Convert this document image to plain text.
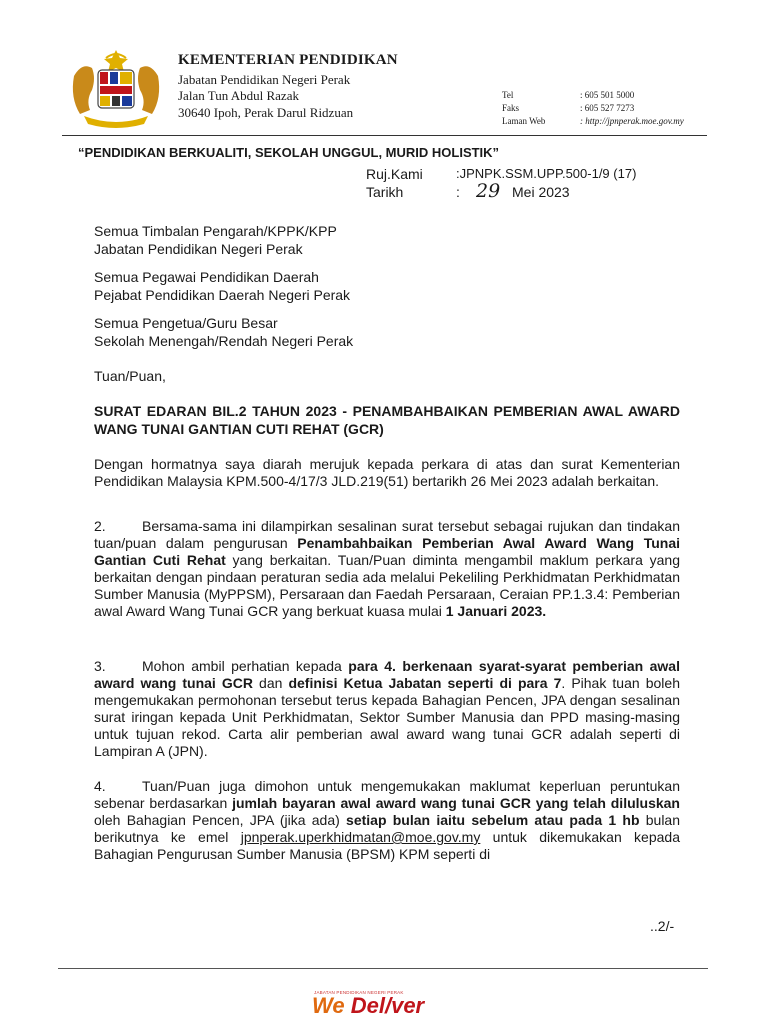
KEMENTERIAN PENDIDIKAN
Jabatan Pendidikan Negeri Perak
Jalan Tun Abdul Razak
30640 Ipoh, Perak Darul Ridzuan
Tel	: 605 501 5000
Faks	: 605 527 7273
Laman Web	: http://jpnperak.moe.gov.my
“PENDIDIKAN BERKUALITI, SEKOLAH UNGGUL, MURID HOLISTIK”
Ruj.Kami	:JPNPK.SSM.UPP.500-1/9 (17)
Tarikh	: 29 Mei 2023
Semua Timbalan Pengarah/KPPK/KPP
Jabatan Pendidikan Negeri Perak
Semua Pegawai Pendidikan Daerah
Pejabat Pendidikan Daerah Negeri Perak
Semua Pengetua/Guru Besar
Sekolah Menengah/Rendah Negeri Perak
Tuan/Puan,
SURAT EDARAN BIL.2 TAHUN 2023 - PENAMBAHBAIKAN PEMBERIAN AWAL AWARD WANG TUNAI GANTIAN CUTI REHAT (GCR)
Dengan hormatnya saya diarah merujuk kepada perkara di atas dan surat Kementerian Pendidikan Malaysia KPM.500-4/17/3 JLD.219(51) bertarikh 26 Mei 2023 adalah berkaitan.
2.	Bersama-sama ini dilampirkan sesalinan surat tersebut sebagai rujukan dan tindakan tuan/puan dalam pengurusan Penambahbaikan Pemberian Awal Award Wang Tunai Gantian Cuti Rehat yang berkaitan. Tuan/Puan diminta mengambil maklum perkara yang berkaitan dengan pindaan peraturan sedia ada melalui Pekeliling Perkhidmatan Perkhidmatan Sumber Manusia (MyPPSM), Persaraan dan Faedah Persaraan, Ceraian PP.1.3.4: Pemberian awal Award Wang Tunai GCR yang berkuat kuasa mulai 1 Januari 2023.
3.	Mohon ambil perhatian kepada para 4. berkenaan syarat-syarat pemberian awal award wang tunai GCR dan definisi Ketua Jabatan seperti di para 7. Pihak tuan boleh mengemukakan permohonan tersebut terus kepada Bahagian Pencen, JPA dengan sesalinan surat iringan kepada Unit Perkhidmatan, Sektor Sumber Manusia dan PPD masing-masing untuk tujuan rekod. Carta alir pemberian awal award wang tunai GCR adalah seperti di Lampiran A (JPN).
4.	Tuan/Puan juga dimohon untuk mengemukakan maklumat keperluan peruntukan sebenar berdasarkan jumlah bayaran awal award wang tunai GCR yang telah diluluskan oleh Bahagian Pencen, JPA (jika ada) setiap bulan iaitu sebelum atau pada 1 hb bulan berikutnya ke emel jpnperak.uperkhidmatan@moe.gov.my untuk dikemukakan kepada Bahagian Pengurusan Sumber Manusia (BPSM) KPM seperti di
..2/-
JABATAN PENDIDIKAN NEGERI PERAK
We Del/ver
